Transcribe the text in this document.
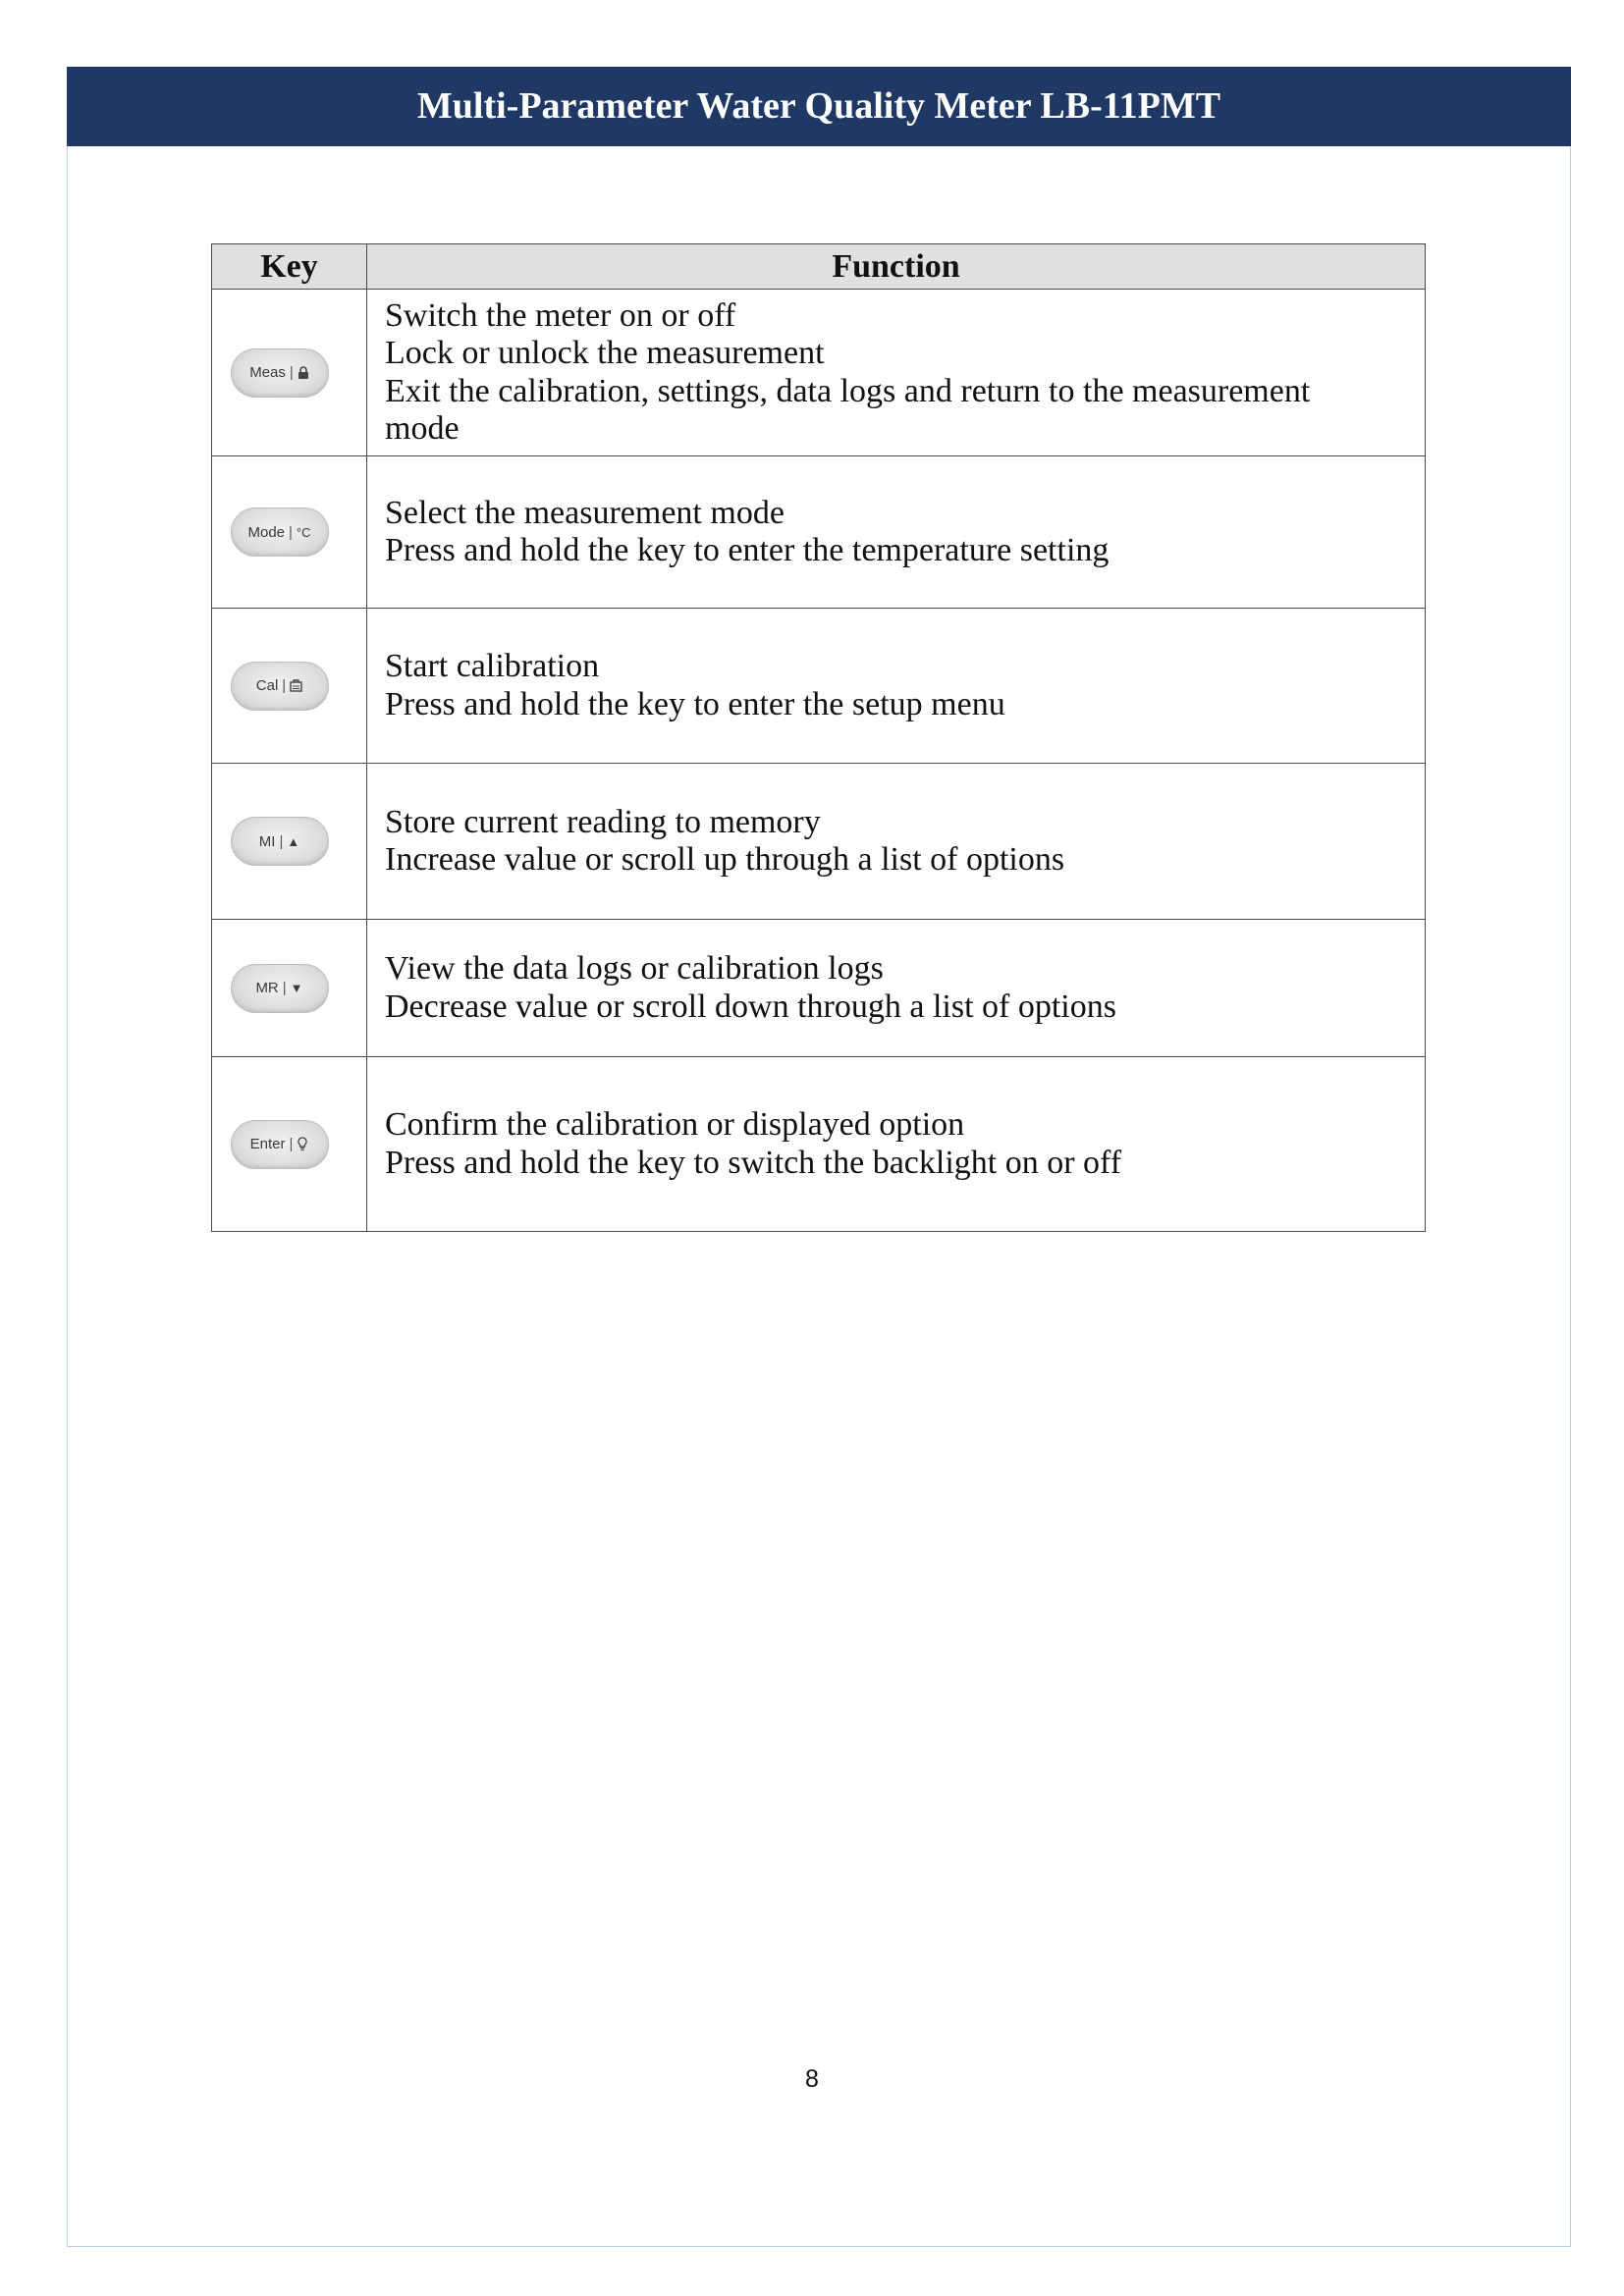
Multi-Parameter Water Quality Meter LB-11PMT
Key	Function

Meas |	Switch the meter on or off
Lock or unlock the measurement
Exit the calibration, settings, data logs and return to the measurement mode

Mode | °C	Select the measurement mode
Press and hold the key to enter the temperature setting

Cal |	Start calibration
Press and hold the key to enter the setup menu

MI | ▲	Store current reading to memory
Increase value or scroll up through a list of options

MR | ▼	View the data logs or calibration logs
Decrease value or scroll down through a list of options

Enter |	Confirm the calibration or displayed option
Press and hold the key to switch the backlight on or off
8
